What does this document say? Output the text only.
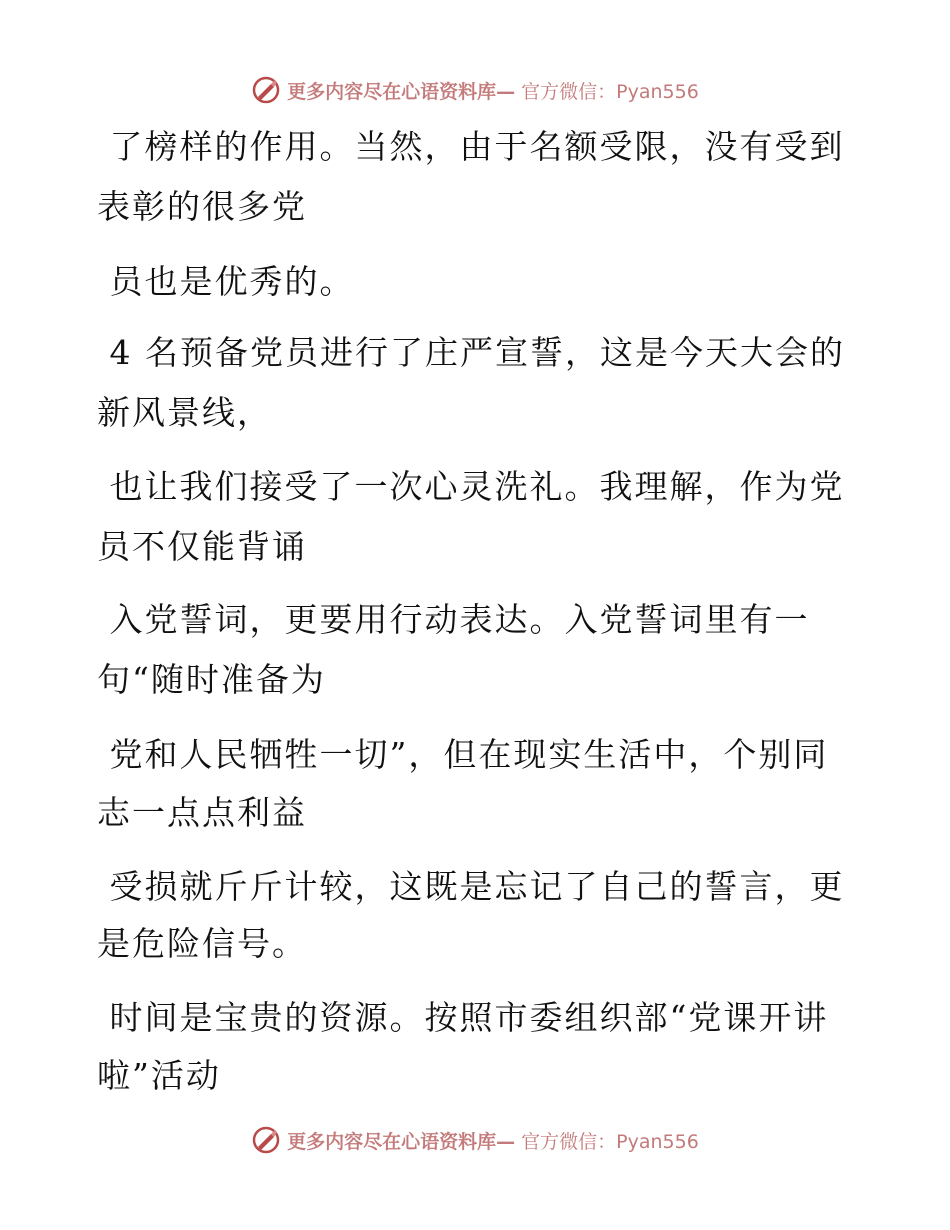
更多内容尽在心语资料库— 官方微信：Pyan556
了榜样的作用。当然，由于名额受限，没有受到
表彰的很多党
员也是优秀的。
4 名预备党员进行了庄严宣誓，这是今天大会的
新风景线，
也让我们接受了一次心灵洗礼。我理解，作为党
员不仅能背诵
入党誓词，更要用行动表达。入党誓词里有一
句“随时准备为
党和人民牺牲一切”，但在现实生活中，个别同
志一点点利益
受损就斤斤计较，这既是忘记了自己的誓言，更
是危险信号。
时间是宝贵的资源。按照市委组织部“党课开讲
啦”活动
更多内容尽在心语资料库— 官方微信：Pyan556
